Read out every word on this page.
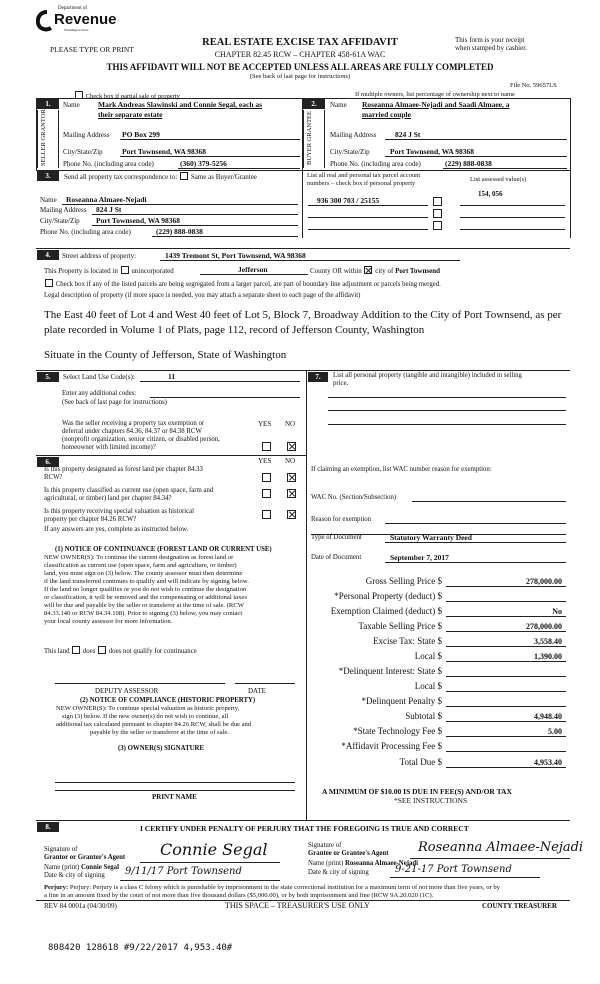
Department of
Revenue
Washington State
PLEASE TYPE OR PRINT
REAL ESTATE EXCISE TAX AFFIDAVIT
CHAPTER 82.45 RCW – CHAPTER 458-61A WAC
This form is your receipt
when stamped by cashier.
THIS AFFIDAVIT WILL NOT BE ACCEPTED UNLESS ALL AREAS ARE FULLY COMPLETED
(See back of last page for instructions)
File No. 59657LS
Check box if partial sale of property	If multiple owners, list percentage of ownership next to name
1.
SELLER GRANTOR
Name Mark Andreas Slawinski and Connie Segal, each as
their separate estate
Mailing Address PO Box 299
City/State/Zip	Port Townsend, WA 98368
Phone No. (including area code)	(360) 379-5256
2.
BUYER GRANTEE
Name Roseanna Almaee-Nejadi and Saadi Almaee, a
married couple
Mailing Address 824 J St
City/State/Zip	Port Townsend, WA 98368
Phone No. (including area code)	(229) 888-0838
3.	Send all property tax correspondence to: Same as Buyer/Grantee	List all real and personal tax parcel account
numbers – check box if personal property
List assessed value(s)
936 300 703 / 25155
154, 056
Name Roseanna Almaee-Nejadi
Mailing Address 824 J St
City/State/Zip Port Townsend, WA 98368
Phone No. (including area code)	(229) 888-0838
4.	Street address of property:	1439 Tremont St, Port Townsend, WA 98368
This Property is located in unincorporated	Jefferson	County OR within city of Port Townsend
Check box if any of the listed parcels are being segregated from a larger parcel, are part of boundary line adjustment or parcels being merged.
Legal description of property (if more space is needed, you may attach a separate sheet to each page of the affidavit)
The East 40 feet of Lot 4 and West 40 feet of Lot 5, Block 7, Broadway Addition to the City of Port Townsend, as per
plate recorded in Volume 1 of Plats, page 112, record of Jefferson County, Washington
Situate in the County of Jefferson, State of Washington
5.	Select Land Use Code(s):	11
Enter any additional codes:
(See back of last page for instructions)
YES NO
Was the seller receiving a property tax exemption or
deferral under chapters 84.36, 84.37 or 84.38 RCW
(nonprofit organization, senior citizen, or disabled person,
homeowner with limited income)?
6.	YES NO
Is this property designated as forest land per chapter 84.33
RCW?
Is this property classified as current use (open space, farm and
agricultural, or timber) land per chapter 84.34?
Is this property receiving special valuation as historical
property per chapter 84.26 RCW?
If any answers are yes, complete as instructed below.
(1) NOTICE OF CONTINUANCE (FOREST LAND OR CURRENT USE)
NEW OWNER(S): To continue the current designation as forest land or
classification as current use (open space, farm and agriculture, or timber)
land, you must sign on (3) below. The county assessor must then determine
if the land transferred continues to qualify and will indicate by signing below.
If the land no longer qualifies or you do not wish to continue the designation
or classification, it will be removed and the compensating or additional taxes
will be due and payable by the seller or transferor at the time of sale. (RCW
84.33.140 or RCW 84.34.108). Prior to signing (3) below, you may contact
your local county assessor for more information.
This land does does not qualify for continuance
DEPUTY ASSESSOR	DATE
(2) NOTICE OF COMPLIANCE (HISTORIC PROPERTY)
NEW OWNER(S): To continue special valuation as historic property,
sign (3) below. If the new owner(s) do not wish to continue, all
additional tax calculated pursuant to chapter 84.26 RCW, shall be due and
payable by the seller or transferor at the time of sale.
(3) OWNER(S) SIGNATURE
PRINT NAME
7.	List all personal property (tangible and intangible) included in selling
price.
If claiming an exemption, list WAC number reason for exemption:
WAC No. (Section/Subsection)
Reason for exemption
Type of Document	Statutory Warranty Deed
Date of Document	September 7, 2017
Gross Selling Price $	278,000.00
*Personal Property (deduct) $
Exemption Claimed (deduct) $	No
Taxable Selling Price $	278,000.00
Excise Tax: State $	3,558.40
Local $	1,390.00
*Delinquent Interest: State $
Local $
*Delinquent Penalty $
Subtotal $	4,948.40
*State Technology Fee $	5.00
*Affidavit Processing Fee $
Total Due $	4,953.40
A MINIMUM OF $10.00 IS DUE IN FEE(S) AND/OR TAX
*SEE INSTRUCTIONS
8.	I CERTIFY UNDER PENALTY OF PERJURY THAT THE FOREGOING IS TRUE AND CORRECT
Signature of
Grantor or Grantor's Agent Connie Segal
Name (print) Connie Segal
Date & city of signing 9/11/17 Port Townsend
Signature of
Grantee or Grantee's Agent Roseanna Almaee-Nejadi
Name (print) Roseanna Almaee-Nejadi
Date & city of signing	9-21-17 Port Townsend
Perjury: Perjury: Perjury is a class C felony which is punishable by imprisonment in the state correctional institution for a maximum term of not more than five years, or by
a fine in an amount fixed by the court of not more than five thousand dollars ($5,000.00), or by both imprisonment and fine (RCW 9A.20.020 (1C).
REV 84 0001a (04/30/09)	THIS SPACE – TREASURER'S USE ONLY	COUNTY TREASURER
808420 128618 #9/22/2017 4,953.40#
